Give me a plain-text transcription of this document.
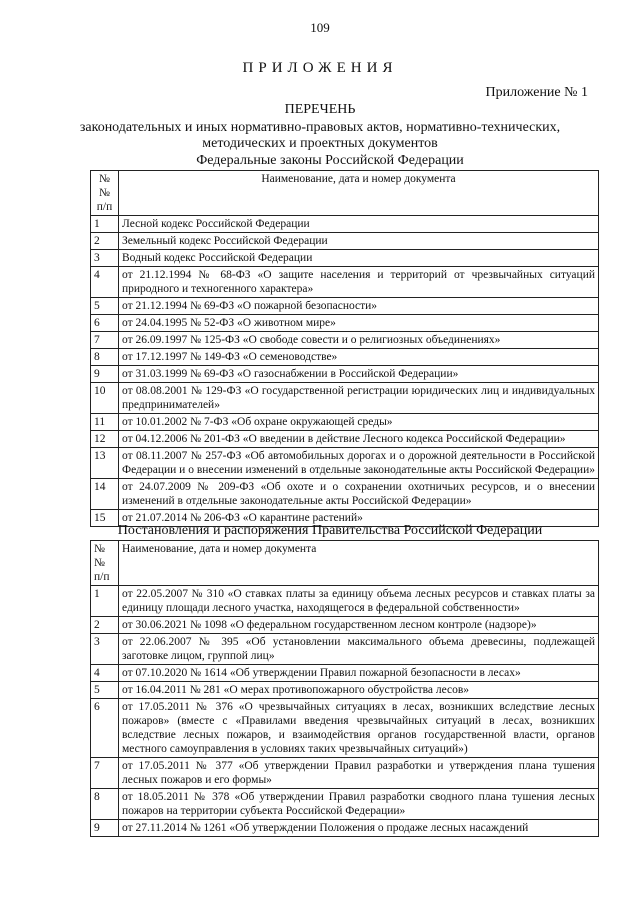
109
ПРИЛОЖЕНИЯ
Приложение № 1
ПЕРЕЧЕНЬ
законодательных и иных нормативно-правовых актов, нормативно-технических, методических и проектных документов
Федеральные законы Российской Федерации
№№ п/п	Наименование, дата и номер документа
1	Лесной кодекс Российской Федерации
2	Земельный кодекс Российской Федерации
3	Водный кодекс Российской Федерации
4	от 21.12.1994 № 68-ФЗ «О защите населения и территорий от чрезвычайных ситуаций природного и техногенного характера»
5	от 21.12.1994 № 69-ФЗ «О пожарной безопасности»
6	от 24.04.1995 № 52-ФЗ «О животном мире»
7	от 26.09.1997 № 125-ФЗ «О свободе совести и о религиозных объединениях»
8	от 17.12.1997 № 149-ФЗ «О семеноводстве»
9	от 31.03.1999 № 69-ФЗ «О газоснабжении в Российской Федерации»
10	от 08.08.2001 № 129-ФЗ «О государственной регистрации юридических лиц и индивидуальных предпринимателей»
11	от 10.01.2002 № 7-ФЗ «Об охране окружающей среды»
12	от 04.12.2006 № 201-ФЗ «О введении в действие Лесного кодекса Российской Федерации»
13	от 08.11.2007 № 257-ФЗ «Об автомобильных дорогах и о дорожной деятельности в Российской Федерации и о внесении изменений в отдельные законодательные акты Российской Федерации»
14	от 24.07.2009 № 209-ФЗ «Об охоте и о сохранении охотничьих ресурсов, и о внесении изменений в отдельные законодательные акты Российской Федерации»
15	от 21.07.2014 № 206-ФЗ «О карантине растений»
Постановления и распоряжения Правительства Российской Федерации
№№ п/п	Наименование, дата и номер документа
1	от 22.05.2007 № 310 «О ставках платы за единицу объема лесных ресурсов и ставках платы за единицу площади лесного участка, находящегося в федеральной собственности»
2	от 30.06.2021 № 1098 «О федеральном государственном лесном контроле (надзоре)»
3	от 22.06.2007 № 395 «Об установлении максимального объема древесины, подлежащей заготовке лицом, группой лиц»
4	от 07.10.2020 № 1614 «Об утверждении Правил пожарной безопасности в лесах»
5	от 16.04.2011 № 281 «О мерах противопожарного обустройства лесов»
6	от 17.05.2011 № 376 «О чрезвычайных ситуациях в лесах, возникших вследствие лесных пожаров» (вместе с «Правилами введения чрезвычайных ситуаций в лесах, возникших вследствие лесных пожаров, и взаимодействия органов государственной власти, органов местного самоуправления в условиях таких чрезвычайных ситуаций»)
7	от 17.05.2011 № 377 «Об утверждении Правил разработки и утверждения плана тушения лесных пожаров и его формы»
8	от 18.05.2011 № 378 «Об утверждении Правил разработки сводного плана тушения лесных пожаров на территории субъекта Российской Федерации»
9	от 27.11.2014 № 1261 «Об утверждении Положения о продаже лесных насаждений
